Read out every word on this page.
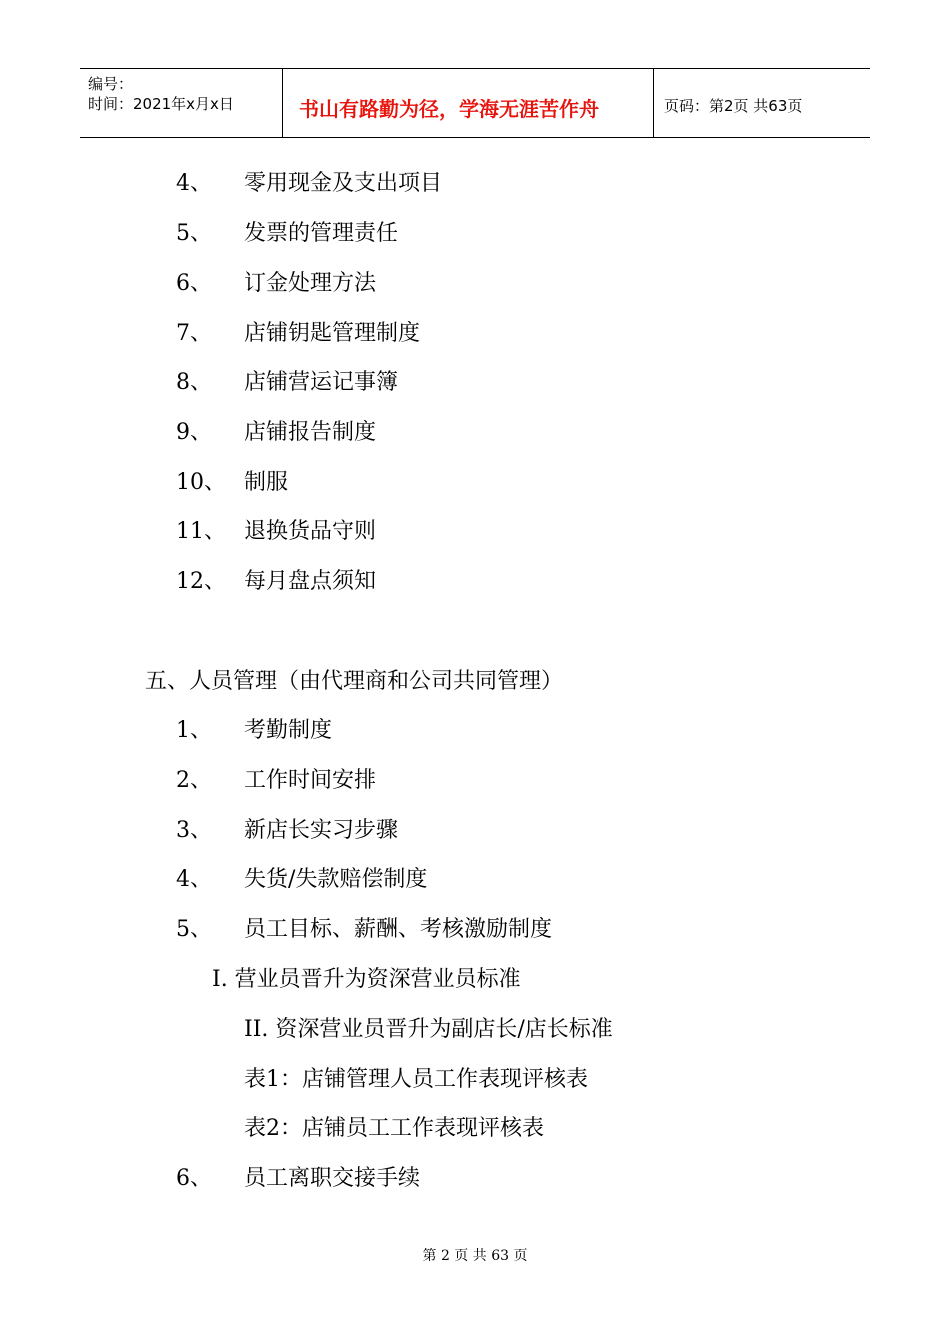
编号：
时间：2021年x月x日	书山有路勤为径，学海无涯苦作舟	页码：第2页 共63页
4、 零用现金及支出项目
5、 发票的管理责任
6、 订金处理方法
7、 店铺钥匙管理制度
8、 店铺营运记事簿
9、 店铺报告制度
10、 制服
11、 退换货品守则
12、 每月盘点须知
五、人员管理（由代理商和公司共同管理）
1、 考勤制度
2、 工作时间安排
3、 新店长实习步骤
4、 失货/失款赔偿制度
5、 员工目标、薪酬、考核激励制度
I. 营业员晋升为资深营业员标准
II. 资深营业员晋升为副店长/店长标准
表1：店铺管理人员工作表现评核表
表2：店铺员工工作表现评核表
6、 员工离职交接手续
第 2 页 共 63 页
